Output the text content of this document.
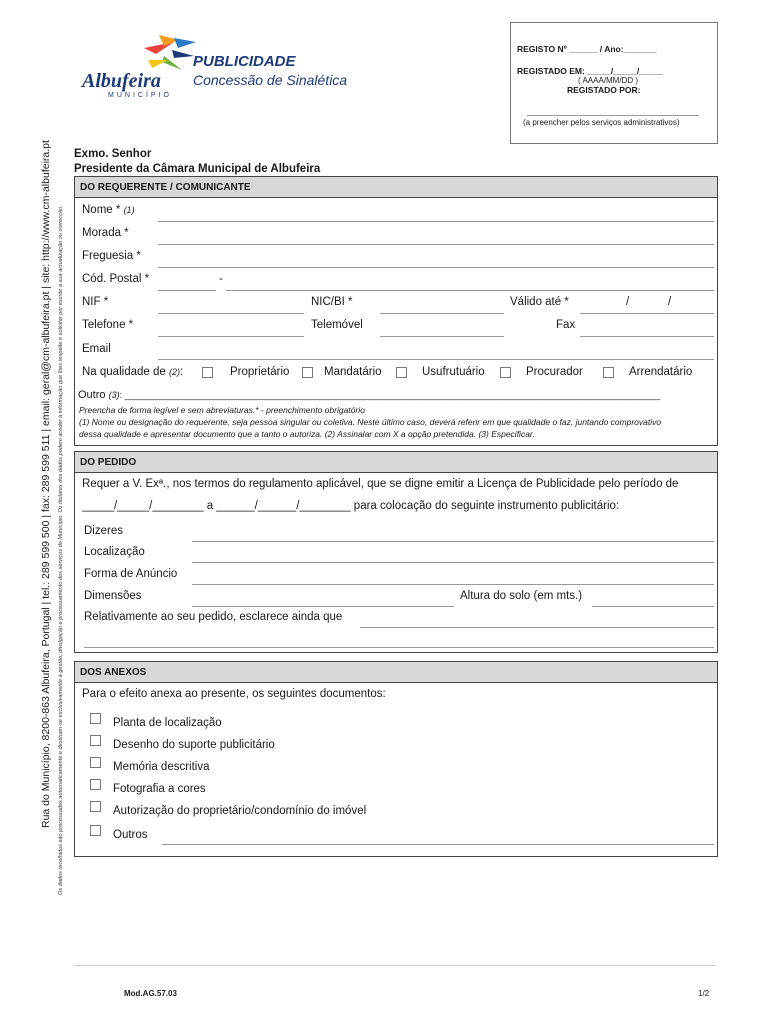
Rua do Município, 8200-863 Albufeira, Portugal | tel.: 289 599 500 | fax: 289 599 511 | email: geral@cm-albufeira.pt | site: http://www.cm-albufeira.pt Os dados recolhidos são processados automaticamente e destinam-se exclusivamente à gestão, divulgação e processamento dos serviços do Município. Os titulares dos dados podem aceder à informação que lhes respeite e solicitar por escrito a sua actualização ou correcção.
Albufeira
MUNICÍPIO
PUBLICIDADE
Concessão de Sinalética
REGISTO Nº ______ / Ano:_______
REGISTADO EM: _____/_____/_____
( AAAA/MM/DD )
REGISTADO POR:
(a preencher pelos serviços administrativos)
Exmo. Senhor
Presidente da Câmara Municipal de Albufeira
DO REQUERENTE / COMUNICANTE
Nome * (1)
Morada *
Freguesia *
Cód. Postal *	-
NIF *	NIC/BI *	Válido até *	/	/
Telefone *	Telemóvel	Fax
Email
Na qualidade de (2):	Proprietário	Mandatário	Usufrutuário	Procurador	Arrendatário
Outro (3): ___________________________________________________________________________________________________________
Preencha de forma legível e sem abreviaturas.* - preenchimento obrigatório
(1) Nome ou designação do requerente, seja pessoa singular ou coletiva. Neste último caso, deverá referir em que qualidade o faz, juntando comprovativo
dessa qualidade e apresentar documento que a tanto o autoriza. (2) Assinalar com X a opção pretendida. (3) Especificar.
DO PEDIDO
Requer a V. Exª., nos termos do regulamento aplicável, que se digne emitir a Licença de Publicidade pelo período de
_____/_____/________ a ______/______/________ para colocação do seguinte instrumento publicitário:
Dizeres
Localização
Forma de Anúncio
Dimensões	Altura do solo (em mts.)
Relativamente ao seu pedido, esclarece ainda que
DOS ANEXOS
Para o efeito anexa ao presente, os seguintes documentos:
Planta de localização
Desenho do suporte publicitário
Memória descritiva
Fotografia a cores
Autorização do proprietário/condomínio do imóvel
Outros
Mod.AG.57.03	1/2
